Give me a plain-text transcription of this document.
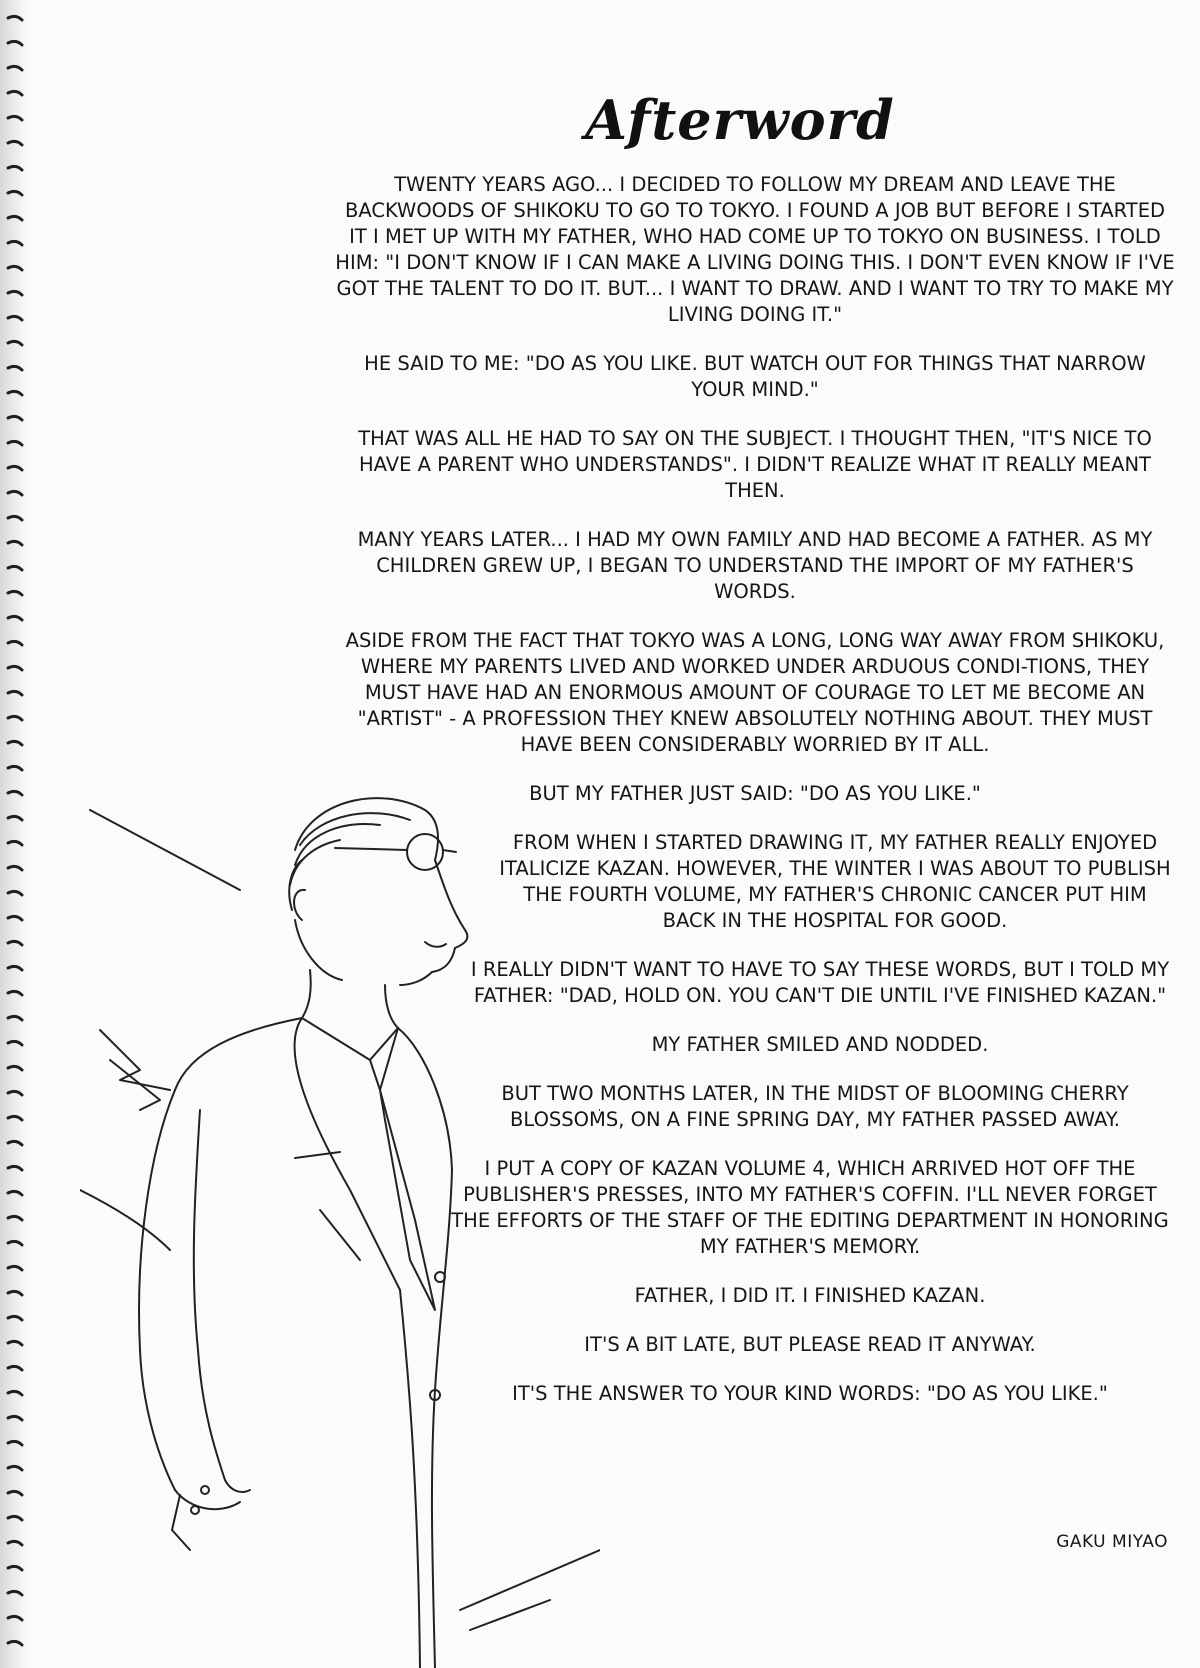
Afterword

TWENTY YEARS AGO... I DECIDED TO FOLLOW MY DREAM AND LEAVE THE BACKWOODS OF SHIKOKU TO GO TO TOKYO. I FOUND A JOB BUT BEFORE I STARTED IT I MET UP WITH MY FATHER, WHO HAD COME UP TO TOKYO ON BUSINESS. I TOLD HIM: "I DON'T KNOW IF I CAN MAKE A LIVING DOING THIS. I DON'T EVEN KNOW IF I'VE GOT THE TALENT TO DO IT. BUT... I WANT TO DRAW. AND I WANT TO TRY TO MAKE MY LIVING DOING IT."

HE SAID TO ME: "DO AS YOU LIKE. BUT WATCH OUT FOR THINGS THAT NARROW YOUR MIND."

THAT WAS ALL HE HAD TO SAY ON THE SUBJECT. I THOUGHT THEN, "IT'S NICE TO HAVE A PARENT WHO UNDERSTANDS". I DIDN'T REALIZE WHAT IT REALLY MEANT THEN.

MANY YEARS LATER... I HAD MY OWN FAMILY AND HAD BECOME A FATHER. AS MY CHILDREN GREW UP, I BEGAN TO UNDERSTAND THE IMPORT OF MY FATHER'S WORDS.

ASIDE FROM THE FACT THAT TOKYO WAS A LONG, LONG WAY AWAY FROM SHIKOKU, WHERE MY PARENTS LIVED AND WORKED UNDER ARDUOUS CONDI-TIONS, THEY MUST HAVE HAD AN ENORMOUS AMOUNT OF COURAGE TO LET ME BECOME AN "ARTIST" - A PROFESSION THEY KNEW ABSOLUTELY NOTHING ABOUT. THEY MUST HAVE BEEN CONSIDERABLY WORRIED BY IT ALL.

BUT MY FATHER JUST SAID: "DO AS YOU LIKE."

FROM WHEN I STARTED DRAWING IT, MY FATHER REALLY ENJOYED ITALICIZE KAZAN. HOWEVER, THE WINTER I WAS ABOUT TO PUBLISH THE FOURTH VOLUME, MY FATHER'S CHRONIC CANCER PUT HIM BACK IN THE HOSPITAL FOR GOOD.

I REALLY DIDN'T WANT TO HAVE TO SAY THESE WORDS, BUT I TOLD MY FATHER: "DAD, HOLD ON. YOU CAN'T DIE UNTIL I'VE FINISHED KAZAN."

MY FATHER SMILED AND NODDED.

BUT TWO MONTHS LATER, IN THE MIDST OF BLOOMING CHERRY BLOSSOMS, ON A FINE SPRING DAY, MY FATHER PASSED AWAY.

I PUT A COPY OF KAZAN VOLUME 4, WHICH ARRIVED HOT OFF THE PUBLISHER'S PRESSES, INTO MY FATHER'S COFFIN. I'LL NEVER FORGET THE EFFORTS OF THE STAFF OF THE EDITING DEPARTMENT IN HONORING MY FATHER'S MEMORY.

FATHER, I DID IT. I FINISHED KAZAN.

IT'S A BIT LATE, BUT PLEASE READ IT ANYWAY.

IT'S THE ANSWER TO YOUR KIND WORDS: "DO AS YOU LIKE."

GAKU MIYAO
